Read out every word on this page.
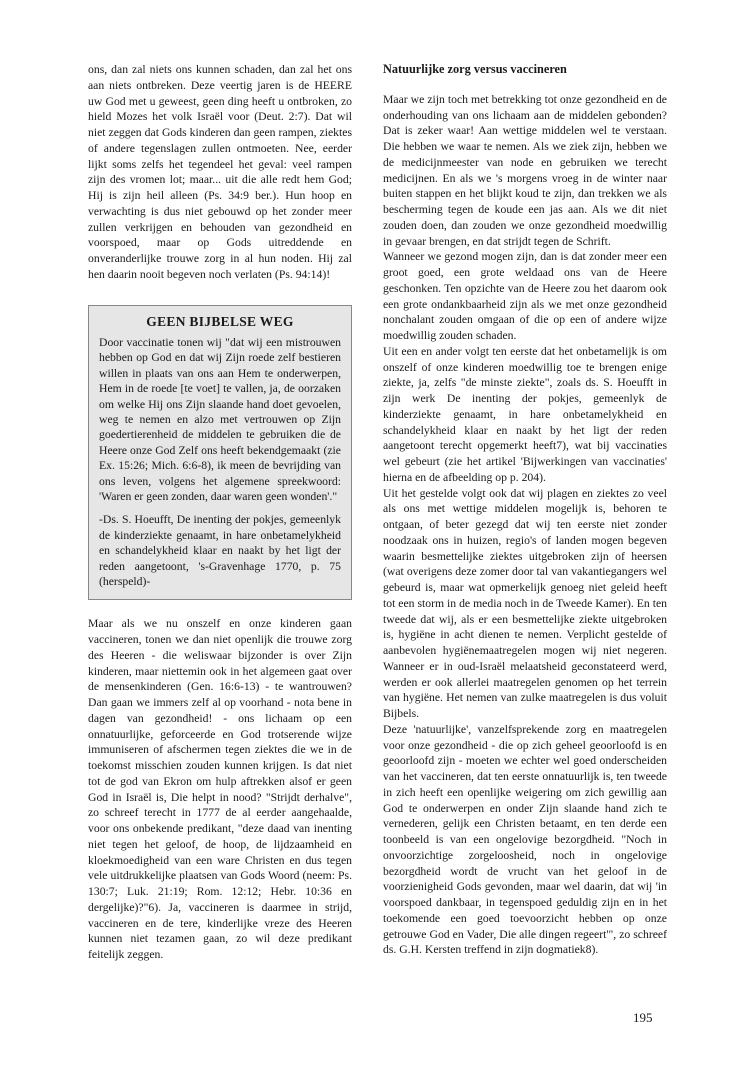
ons, dan zal niets ons kunnen schaden, dan zal het ons aan niets ontbreken. Deze veertig jaren is de HEERE uw God met u geweest, geen ding heeft u ontbroken, zo hield Mozes het volk Israël voor (Deut. 2:7). Dat wil niet zeggen dat Gods kinderen dan geen rampen, ziektes of andere tegenslagen zullen ontmoeten. Nee, eerder lijkt soms zelfs het tegendeel het geval: veel rampen zijn des vromen lot; maar... uit die alle redt hem God; Hij is zijn heil alleen (Ps. 34:9 ber.). Hun hoop en verwachting is dus niet gebouwd op het zonder meer zullen verkrijgen en behouden van gezondheid en voorspoed, maar op Gods uitreddende en onveranderlijke trouwe zorg in al hun noden. Hij zal hen daarin nooit begeven noch verlaten (Ps. 94:14)!

GEEN BIJBELSE WEG

Door vaccinatie tonen wij "dat wij een mistrouwen hebben op God en dat wij Zijn roede zelf bestieren willen in plaats van ons aan Hem te onderwerpen, Hem in de roede [te voet] te vallen, ja, de oorzaken om welke Hij ons Zijn slaande hand doet gevoelen, weg te nemen en alzo met vertrouwen op Zijn goedertierenheid de middelen te gebruiken die de Heere onze God Zelf ons heeft bekendgemaakt (zie Ex. 15:26; Mich. 6:6-8), ik meen de bevrijding van ons leven, volgens het algemene spreekwoord: 'Waren er geen zonden, daar waren geen wonden'."

-Ds. S. Hoeufft, De inenting der pokjes, gemeenlyk de kinderziekte genaamt, in hare onbetamelykheid en schandelykheid klaar en naakt by het ligt der reden aangetoont, 's-Gravenhage 1770, p. 75 (herspeld)-

Maar als we nu onszelf en onze kinderen gaan vaccineren, tonen we dan niet openlijk die trouwe zorg des Heeren - die weliswaar bijzonder is over Zijn kinderen, maar niettemin ook in het algemeen gaat over de mensenkinderen (Gen. 16:6-13) - te wantrouwen? Dan gaan we immers zelf al op voorhand - nota bene in dagen van gezondheid! - ons lichaam op een onnatuurlijke, geforceerde en God trotserende wijze immuniseren of afschermen tegen ziektes die we in de toekomst misschien zouden kunnen krijgen. Is dat niet tot de god van Ekron om hulp aftrekken alsof er geen God in Israël is, Die helpt in nood? "Strijdt derhalve", zo schreef terecht in 1777 de al eerder aangehaalde, voor ons onbekende predikant, "deze daad van inenting niet tegen het geloof, de hoop, de lijdzaamheid en kloekmoedigheid van een ware Christen en dus tegen vele uitdrukkelijke plaatsen van Gods Woord (neem: Ps. 130:7; Luk. 21:19; Rom. 12:12; Hebr. 10:36 en dergelijke)?"6). Ja, vaccineren is daarmee in strijd, vaccineren en de tere, kinderlijke vreze des Heeren kunnen niet tezamen gaan, zo wil deze predikant feitelijk zeggen.

Natuurlijke zorg versus vaccineren

Maar we zijn toch met betrekking tot onze gezondheid en de onderhouding van ons lichaam aan de middelen gebonden? Dat is zeker waar! Aan wettige middelen wel te verstaan. Die hebben we waar te nemen. Als we ziek zijn, hebben we de medicijnmeester van node en gebruiken we terecht medicijnen. En als we 's morgens vroeg in de winter naar buiten stappen en het blijkt koud te zijn, dan trekken we als bescherming tegen de koude een jas aan. Als we dit niet zouden doen, dan zouden we onze gezondheid moedwillig in gevaar brengen, en dat strijdt tegen de Schrift.

Wanneer we gezond mogen zijn, dan is dat zonder meer een groot goed, een grote weldaad ons van de Heere geschonken. Ten opzichte van de Heere zou het daarom ook een grote ondankbaarheid zijn als we met onze gezondheid nonchalant zouden omgaan of die op een of andere wijze moedwillig zouden schaden.

Uit een en ander volgt ten eerste dat het onbetamelijk is om onszelf of onze kinderen moedwillig toe te brengen enige ziekte, ja, zelfs "de minste ziekte", zoals ds. S. Hoeufft in zijn werk De inenting der pokjes, gemeenlyk de kinderziekte genaamt, in hare onbetamelykheid en schandelykheid klaar en naakt by het ligt der reden aangetoont terecht opgemerkt heeft7), wat bij vaccinaties wel gebeurt (zie het artikel 'Bijwerkingen van vaccinaties' hierna en de afbeelding op p. 204).

Uit het gestelde volgt ook dat wij plagen en ziektes zo veel als ons met wettige middelen mogelijk is, behoren te ontgaan, of beter gezegd dat wij ten eerste niet zonder noodzaak ons in huizen, regio's of landen mogen begeven waarin besmettelijke ziektes uitgebroken zijn of heersen (wat overigens deze zomer door tal van vakantiegangers wel gebeurd is, maar wat opmerkelijk genoeg niet geleid heeft tot een storm in de media noch in de Tweede Kamer). En ten tweede dat wij, als er een besmettelijke ziekte uitgebroken is, hygiëne in acht dienen te nemen. Verplicht gestelde of aanbevolen hygiënemaatregelen mogen wij niet negeren. Wanneer er in oud-Israël melaatsheid geconstateerd werd, werden er ook allerlei maatregelen genomen op het terrein van hygiëne. Het nemen van zulke maatregelen is dus voluit Bijbels.

Deze 'natuurlijke', vanzelfsprekende zorg en maatregelen voor onze gezondheid - die op zich geheel geoorloofd is en geoorloofd zijn - moeten we echter wel goed onderscheiden van het vaccineren, dat ten eerste onnatuurlijk is, ten tweede in zich heeft een openlijke weigering om zich gewillig aan God te onderwerpen en onder Zijn slaande hand zich te vernederen, gelijk een Christen betaamt, en ten derde een toonbeeld is van een ongelovige bezorgdheid. "Noch in onvoorzichtige zorgeloosheid, noch in ongelovige bezorgdheid wordt de vrucht van het geloof in de voorzienigheid Gods gevonden, maar wel daarin, dat wij 'in voorspoed dankbaar, in tegenspoed geduldig zijn en in het toekomende een goed toevoorzicht hebben op onze getrouwe God en Vader, Die alle dingen regeert'", zo schreef ds. G.H. Kersten treffend in zijn dogmatiek8).

195
